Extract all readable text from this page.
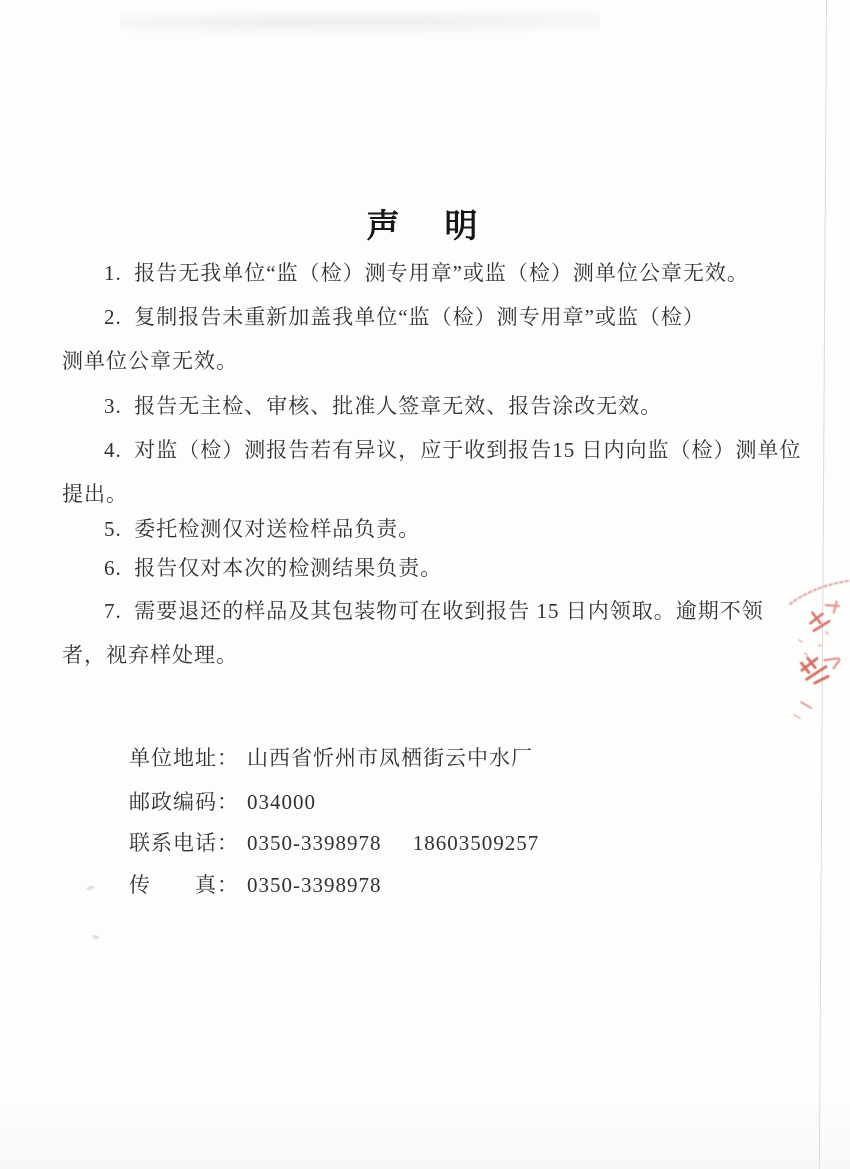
声　明
1.  报告无我单位“监（检）测专用章”或监（检）测单位公章无效。
2.  复制报告未重新加盖我单位“监（检）测专用章”或监（检）
测单位公章无效。
3.  报告无主检、审核、批准人签章无效、报告涂改无效。
4.  对监（检）测报告若有异议，应于收到报告15 日内向监（检）测单位
提出。
5.  委托检测仅对送检样品负责。
6.  报告仅对本次的检测结果负责。
7.  需要退还的样品及其包装物可在收到报告 15 日内领取。逾期不领
者，视弃样处理。

单位地址： 山西省忻州市凤栖街云中水厂

邮政编码： 034000

联系电话： 0350-3398978     18603509257

传　　真： 0350-3398978
